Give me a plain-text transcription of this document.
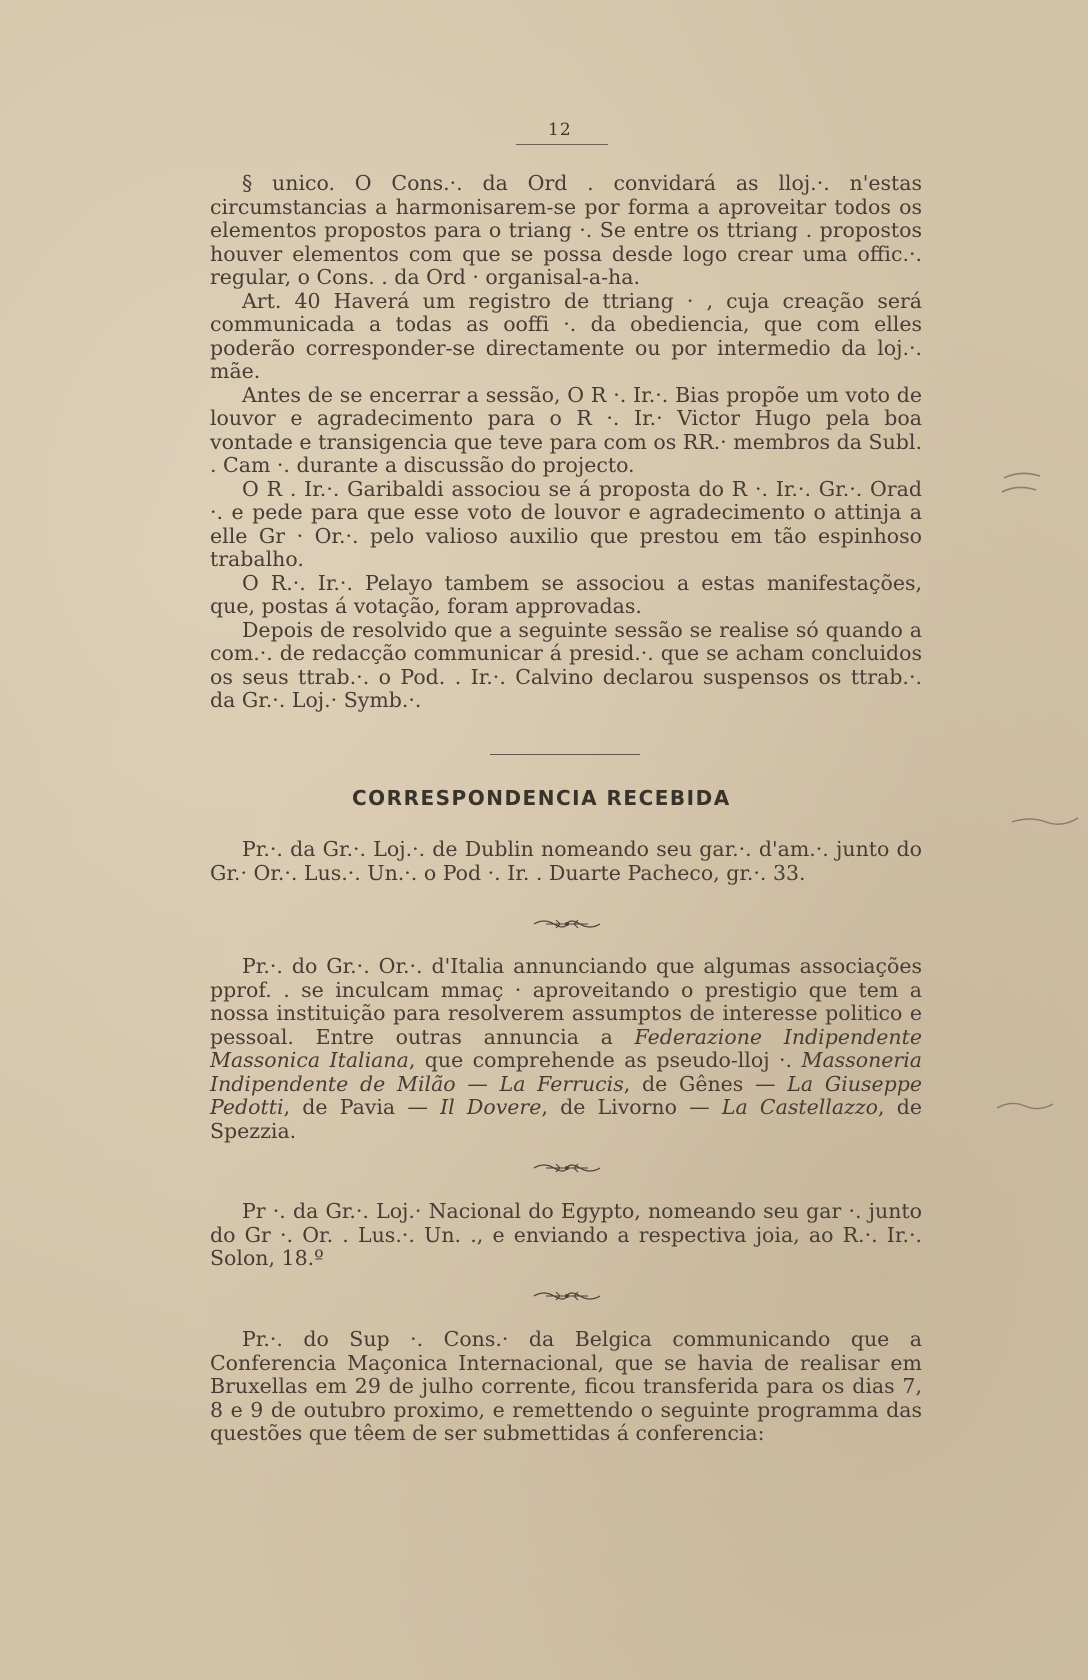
12

§ unico. O Cons.·. da Ord . convidará as lloj.·. n'estas circumstancias a harmonisarem-se por forma a aproveitar todos os elementos propostos para o triang ·. Se entre os ttriang . propostos houver elementos com que se possa desde logo crear uma offic.·. regular, o Cons. . da Ord · organisal-a-ha.

Art. 40 Haverá um registro de ttriang · , cuja creação será communicada a todas as ooffi ·. da obediencia, que com elles poderão corresponder-se directamente ou por intermedio da loj.·. mãe.

Antes de se encerrar a sessão, O R ·. Ir.·. Bias propõe um voto de louvor e agradecimento para o R ·. Ir.· Victor Hugo pela boa vontade e transigencia que teve para com os RR.· membros da Subl. . Cam ·. durante a discussão do projecto.

O R . Ir.·. Garibaldi associou se á proposta do R ·. Ir.·. Gr.·. Orad ·. e pede para que esse voto de louvor e agradecimento o attinja a elle Gr · Or.·. pelo valioso auxilio que prestou em tão espinhoso trabalho.

O R.·. Ir.·. Pelayo tambem se associou a estas manifestações, que, postas á votação, foram approvadas.

Depois de resolvido que a seguinte sessão se realise só quando a com.·. de redacção communicar á presid.·. que se acham concluidos os seus ttrab.·. o Pod. . Ir.·. Calvino declarou suspensos os ttrab.·. da Gr.·. Loj.· Symb.·.

CORRESPONDENCIA RECEBIDA

Pr.·. da Gr.·. Loj.·. de Dublin nomeando seu gar.·. d'am.·. junto do Gr.· Or.·. Lus.·. Un.·. o Pod ·. Ir. . Duarte Pacheco, gr.·. 33.

Pr.·. do Gr.·. Or.·. d'Italia annunciando que algumas associações pprof. . se inculcam mmaç · aproveitando o prestigio que tem a nossa instituição para resolverem assumptos de interesse politico e pessoal. Entre outras annuncia a Federazione Indipendente Massonica Italiana, que comprehende as pseudo-lloj ·. Massoneria Indipendente de Milão — La Ferrucis, de Gênes — La Giuseppe Pedotti, de Pavia — Il Dovere, de Livorno — La Castellazzo, de Spezzia.

Pr ·. da Gr.·. Loj.· Nacional do Egypto, nomeando seu gar ·. junto do Gr ·. Or. . Lus.·. Un. ., e enviando a respectiva joia, ao R.·. Ir.·. Solon, 18.º

Pr.·. do Sup ·. Cons.· da Belgica communicando que a Conferencia Maçonica Internacional, que se havia de realisar em Bruxellas em 29 de julho corrente, ficou transferida para os dias 7, 8 e 9 de outubro proximo, e remettendo o seguinte programma das questões que têem de ser submettidas á conferencia:
